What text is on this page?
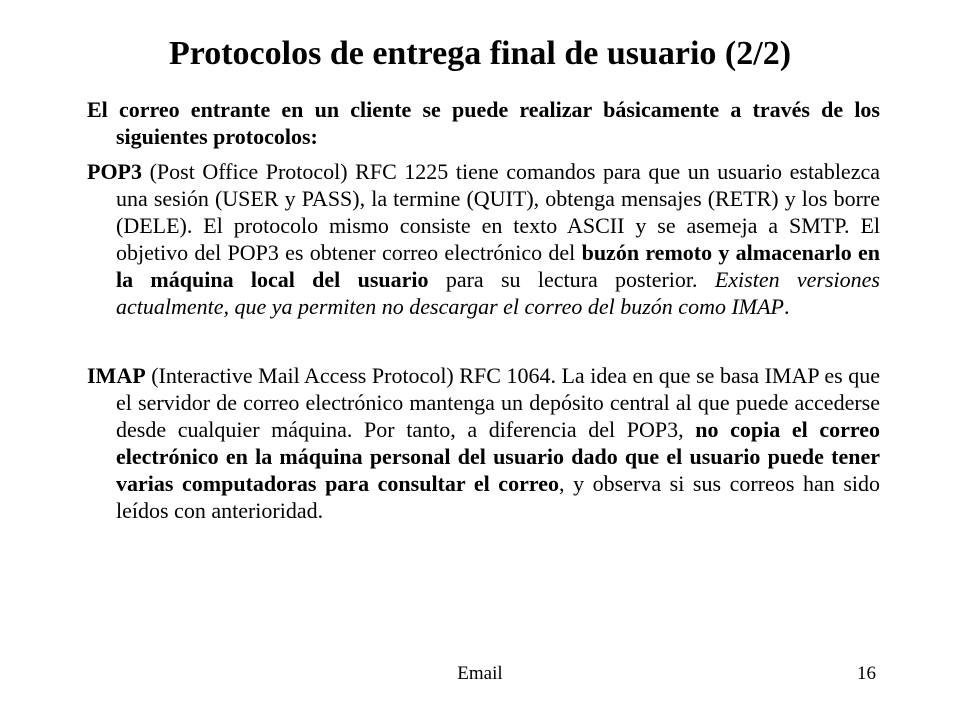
Protocolos de entrega final de usuario (2/2)

El correo entrante en un cliente se puede realizar básicamente a través de los siguientes protocolos:

POP3 (Post Office Protocol) RFC 1225 tiene comandos para que un usuario establezca una sesión (USER y PASS), la termine (QUIT), obtenga mensajes (RETR) y los borre (DELE). El protocolo mismo consiste en texto ASCII y se asemeja a SMTP. El objetivo del POP3 es obtener correo electrónico del buzón remoto y almacenarlo en la máquina local del usuario para su lectura posterior. Existen versiones actualmente, que ya permiten no descargar el correo del buzón como IMAP.

IMAP (Interactive Mail Access Protocol) RFC 1064. La idea en que se basa IMAP es que el servidor de correo electrónico mantenga un depósito central al que puede accederse desde cualquier máquina. Por tanto, a diferencia del POP3, no copia el correo electrónico en la máquina personal del usuario dado que el usuario puede tener varias computadoras para consultar el correo, y observa si sus correos han sido leídos con anterioridad.

Email	16
